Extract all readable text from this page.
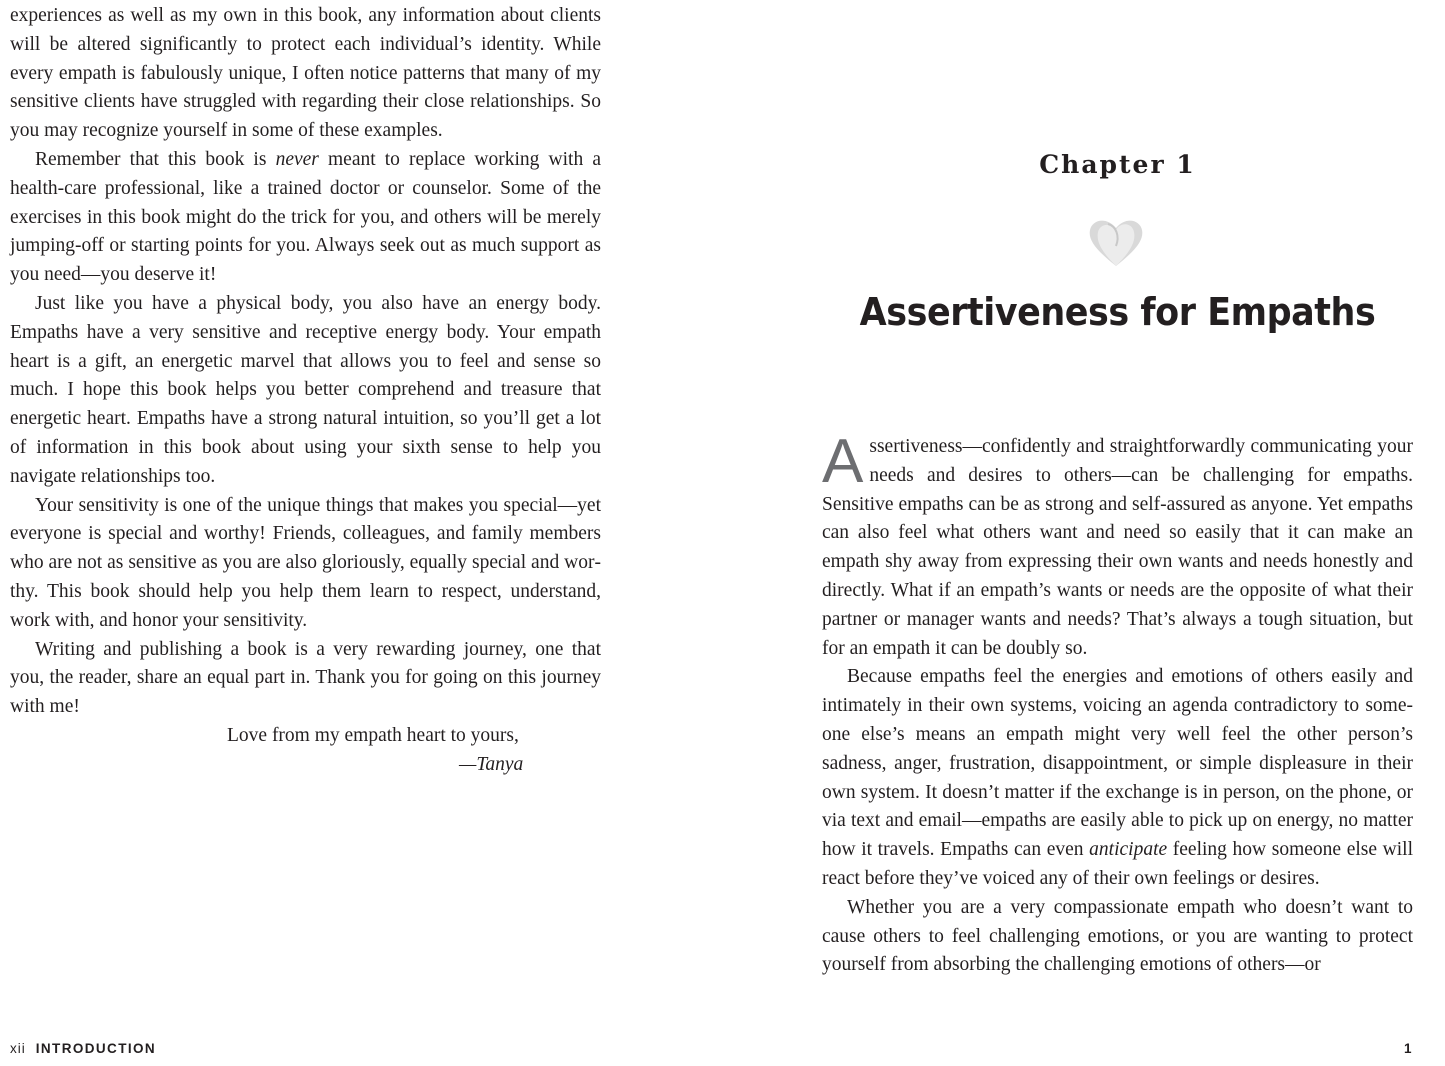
experiences as well as my own in this book, any information about clients will be altered significantly to protect each individual’s identity. While every empath is fabulously unique, I often notice patterns that many of my sensitive clients have struggled with regarding their close relationships. So you may recognize yourself in some of these examples.

Remember that this book is never meant to replace working with a health-care professional, like a trained doctor or counselor. Some of the exercises in this book might do the trick for you, and others will be merely jumping-off or starting points for you. Always seek out as much support as you need—you deserve it!

Just like you have a physical body, you also have an energy body. Empaths have a very sensitive and receptive energy body. Your empath heart is a gift, an energetic marvel that allows you to feel and sense so much. I hope this book helps you better comprehend and treasure that energetic heart. Empaths have a strong natural intuition, so you’ll get a lot of information in this book about using your sixth sense to help you navigate relationships too.

Your sensitivity is one of the unique things that makes you special—yet everyone is special and worthy! Friends, colleagues, and family members who are not as sensitive as you are also gloriously, equally special and worthy. This book should help you help them learn to respect, understand, work with, and honor your sensitivity.

Writing and publishing a book is a very rewarding journey, one that you, the reader, share an equal part in. Thank you for going on this journey with me!

Love from my empath heart to yours,
—Tanya
xii INTRODUCTION
Chapter 1
Assertiveness for Empaths

Assertiveness—confidently and straightforwardly communicating your needs and desires to others—can be challenging for empaths. Sensitive empaths can be as strong and self-assured as anyone. Yet empaths can also feel what others want and need so easily that it can make an empath shy away from expressing their own wants and needs honestly and directly. What if an empath’s wants or needs are the opposite of what their partner or manager wants and needs? That’s always a tough situation, but for an empath it can be doubly so.

Because empaths feel the energies and emotions of others easily and intimately in their own systems, voicing an agenda contradictory to someone else’s means an empath might very well feel the other person’s sadness, anger, frustration, disappointment, or simple displeasure in their own system. It doesn’t matter if the exchange is in person, on the phone, or via text and email—empaths are easily able to pick up on energy, no matter how it travels. Empaths can even anticipate feeling how someone else will react before they’ve voiced any of their own feelings or desires.

Whether you are a very compassionate empath who doesn’t want to cause others to feel challenging emotions, or you are wanting to protect yourself from absorbing the challenging emotions of others—or

1
